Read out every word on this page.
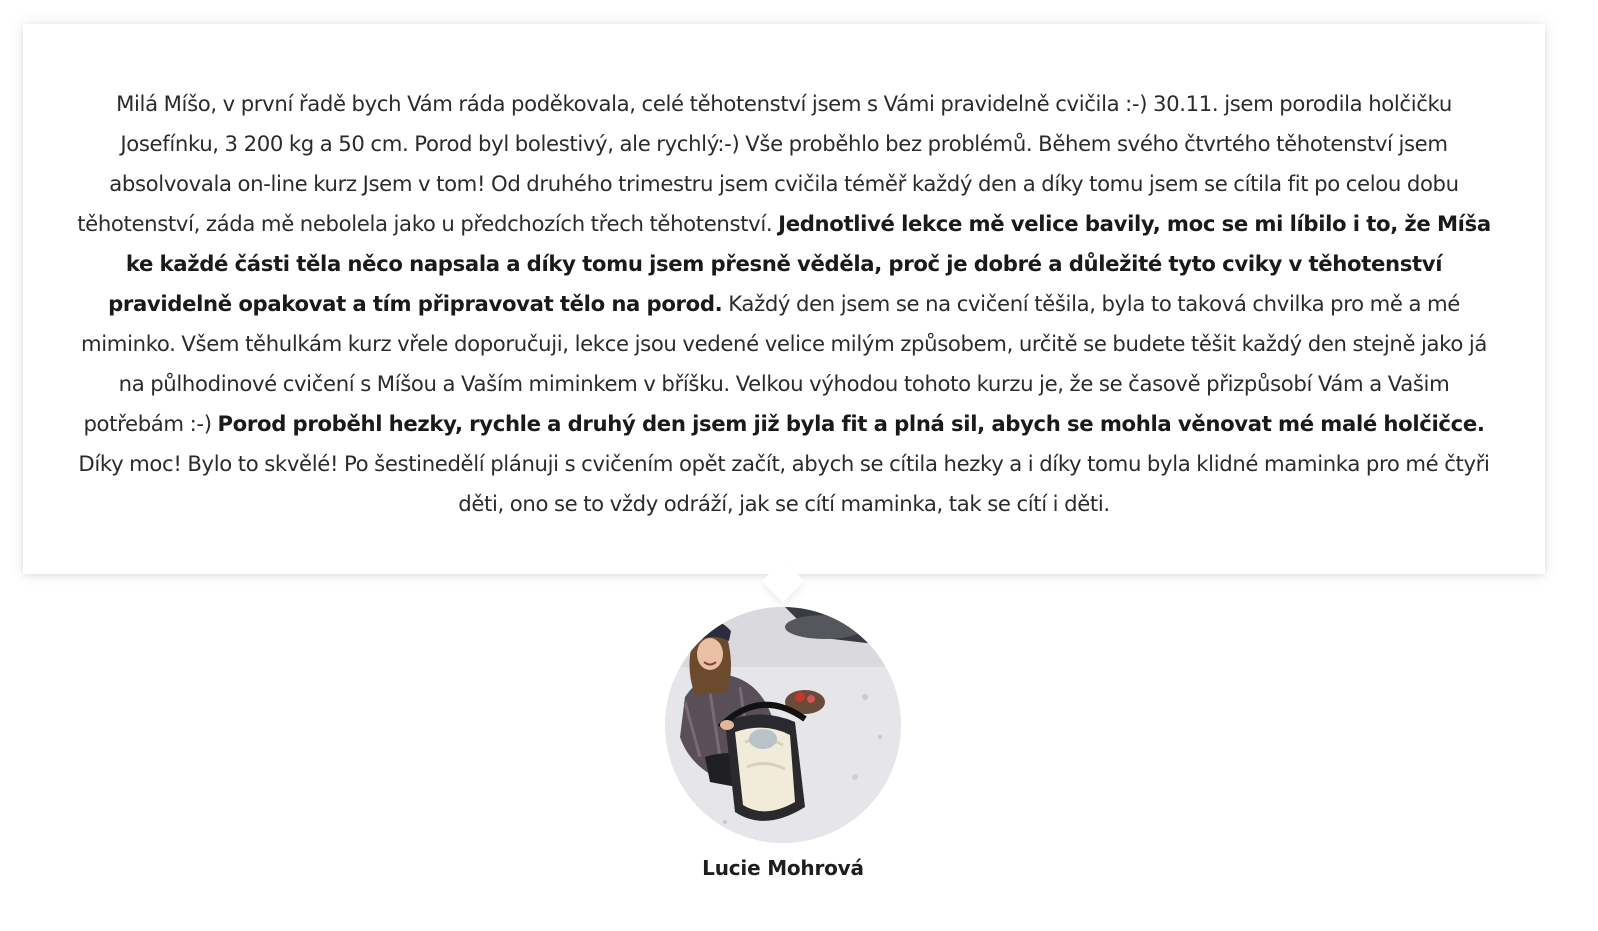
Milá Míšo, v první řadě bych Vám ráda poděkovala, celé těhotenství jsem s Vámi pravidelně cvičila :-) 30.11. jsem porodila holčičku Josefínku, 3 200 kg a 50 cm. Porod byl bolestivý, ale rychlý:-) Vše proběhlo bez problémů. Během svého čtvrtého těhotenství jsem absolvovala on-line kurz Jsem v tom! Od druhého trimestru jsem cvičila téměř každý den a díky tomu jsem se cítila fit po celou dobu těhotenství, záda mě nebolela jako u předchozích třech těhotenství. Jednotlivé lekce mě velice bavily, moc se mi líbilo i to, že Míša ke každé části těla něco napsala a díky tomu jsem přesně věděla, proč je dobré a důležité tyto cviky v těhotenství pravidelně opakovat a tím připravovat tělo na porod. Každý den jsem se na cvičení těšila, byla to taková chvilka pro mě a mé miminko. Všem těhulkám kurz vřele doporučuji, lekce jsou vedené velice milým způsobem, určitě se budete těšit každý den stejně jako já na půlhodinové cvičení s Míšou a Vaším miminkem v bříšku. Velkou výhodou tohoto kurzu je, že se časově přizpůsobí Vám a Vašim potřebám :-) Porod proběhl hezky, rychle a druhý den jsem již byla fit a plná sil, abych se mohla věnovat mé malé holčičce. Díky moc! Bylo to skvělé! Po šestinedělí plánuji s cvičením opět začít, abych se cítila hezky a i díky tomu byla klidné maminka pro mé čtyři děti, ono se to vždy odráží, jak se cítí maminka, tak se cítí i děti.

Lucie Mohrová
